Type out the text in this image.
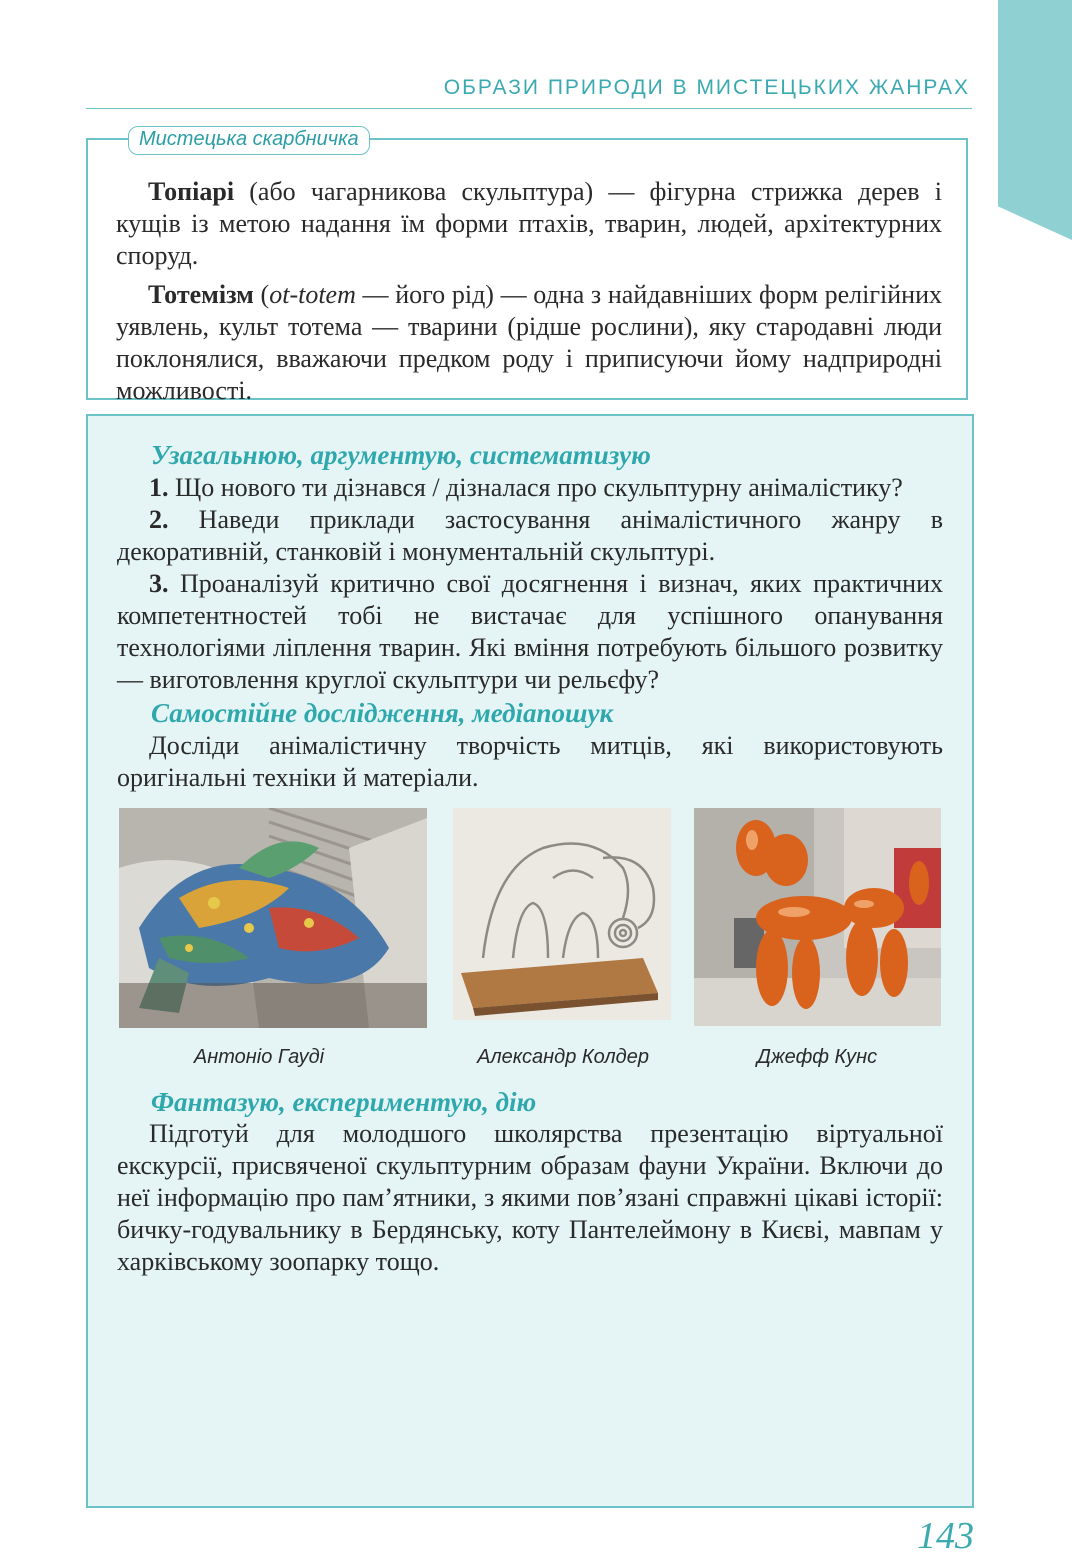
ОБРАЗИ ПРИРОДИ В МИСТЕЦЬКИХ ЖАНРАХ
Мистецька скарбничка

Топіарі (або чагарникова скульптура) — фігурна стрижка дерев і кущів із метою надання їм форми птахів, тварин, людей, архітектурних споруд.

Тотемізм (ot-totem — його рід) — одна з найдавніших форм релігійних уявлень, культ тотема — тварини (рідше рослини), яку стародавні люди поклонялися, вважаючи предком роду і приписуючи йому надприродні можливості.

Узагальнюю, аргументую, систематизую

1. Що нового ти дізнався / дізналася про скульптурну анімалістику?

2. Наведи приклади застосування анімалістичного жанру в декоративній, станковій і монументальній скульптурі.

3. Проаналізуй критично свої досягнення і визнач, яких практичних компетентностей тобі не вистачає для успішного опанування технологіями ліплення тварин. Які вміння потребують більшого розвитку — виготовлення круглої скульптури чи рельєфу?

Самостійне дослідження, медіапошук

Досліди анімалістичну творчість митців, які використовують оригінальні техніки й матеріали.

Антоніо Гауді	Александр Колдер	Джефф Кунс
Фантазую, експериментую, дію

Підготуй для молодшого школярства презентацію віртуальної екскурсії, присвяченої скульптурним образам фауни України. Включи до неї інформацію про пам’ятники, з якими пов’язані справжні цікаві історії: бичку-годувальнику в Бердянську, коту Пантелеймону в Києві, мавпам у харківському зоопарку тощо.

143
